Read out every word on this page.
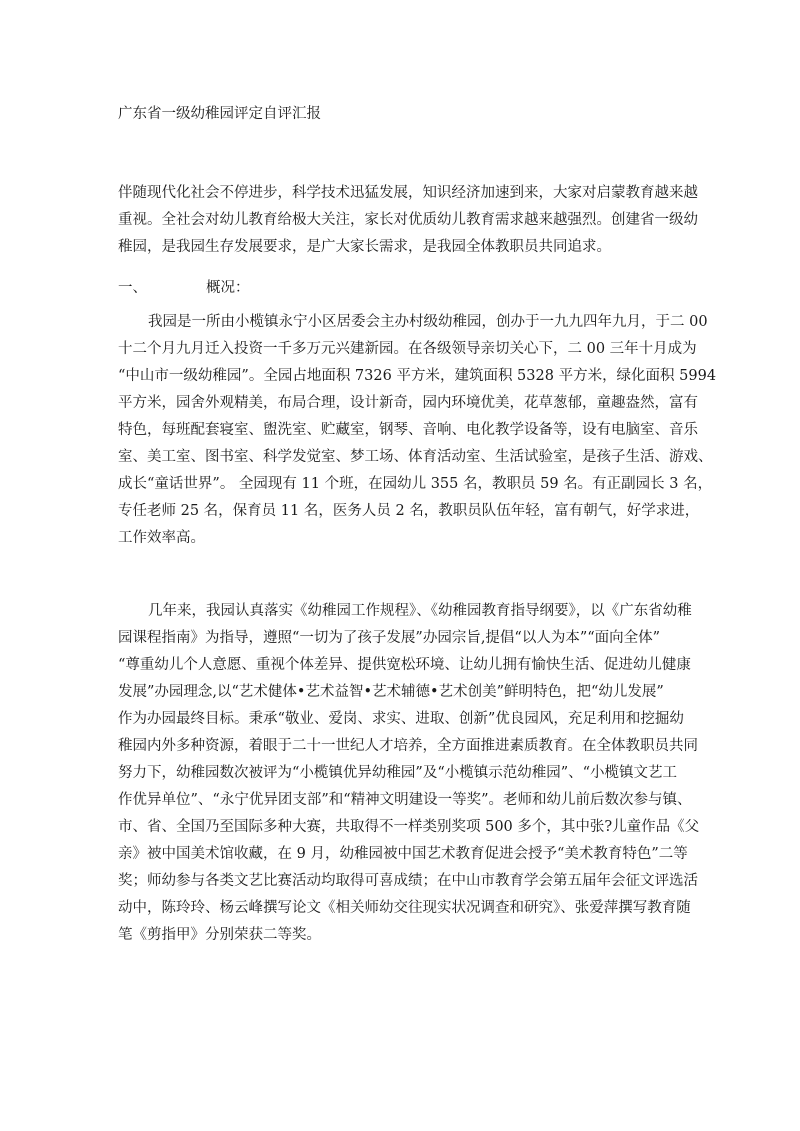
广东省一级幼稚园评定自评汇报
伴随现代化社会不停进步，科学技术迅猛发展，知识经济加速到来，大家对启蒙教育越来越
重视。全社会对幼儿教育给极大关注，家长对优质幼儿教育需求越来越强烈。创建省一级幼
稚园，是我园生存发展要求，是广大家长需求，是我园全体教职员共同追求。
一、	概况：
我园是一所由小榄镇永宁小区居委会主办村级幼稚园，创办于一九九四年九月，于二 00
十二个月九月迁入投资一千多万元兴建新园。在各级领导亲切关心下，二 00 三年十月成为
“中山市一级幼稚园”。全园占地面积 7326 平方米，建筑面积 5328 平方米，绿化面积 5994
平方米，园舍外观精美，布局合理，设计新奇，园内环境优美，花草葱郁，童趣盎然，富有
特色，每班配套寝室、盥洗室、贮藏室，钢琴、音响、电化教学设备等，设有电脑室、音乐
室、美工室、图书室、科学发觉室、梦工场、体育活动室、生活试验室，是孩子生活、游戏、
成长“童话世界”。 全园现有 11 个班，在园幼儿 355 名，教职员 59 名。有正副园长 3 名，
专任老师 25 名，保育员 11 名，医务人员 2 名，教职员队伍年轻，富有朝气，好学求进，
工作效率高。
几年来，我园认真落实《幼稚园工作规程》、《幼稚园教育指导纲要》，以《广东省幼稚
园课程指南》为指导，遵照“一切为了孩子发展”办园宗旨,提倡“以人为本”“面向全体”
“尊重幼儿个人意愿、重视个体差异、提供宽松环境、让幼儿拥有愉快生活、促进幼儿健康
发展”办园理念,以“艺术健体•艺术益智•艺术辅德•艺术创美”鲜明特色，把“幼儿发展”
作为办园最终目标。秉承“敬业、爱岗、求实、进取、创新”优良园风，充足利用和挖掘幼
稚园内外多种资源，着眼于二十一世纪人才培养，全方面推进素质教育。在全体教职员共同
努力下，幼稚园数次被评为“小榄镇优异幼稚园”及“小榄镇示范幼稚园”、“小榄镇文艺工
作优异单位”、“永宁优异团支部”和“精神文明建设一等奖”。老师和幼儿前后数次参与镇、
市、省、全国乃至国际多种大赛，共取得不一样类别奖项 500 多个，其中张?儿童作品《父
亲》被中国美术馆收藏，在 9 月，幼稚园被中国艺术教育促进会授予“美术教育特色”二等
奖；师幼参与各类文艺比赛活动均取得可喜成绩；在中山市教育学会第五届年会征文评选活
动中，陈玲玲、杨云峰撰写论文《相关师幼交往现实状况调查和研究》、张爱萍撰写教育随
笔《剪指甲》分别荣获二等奖。
